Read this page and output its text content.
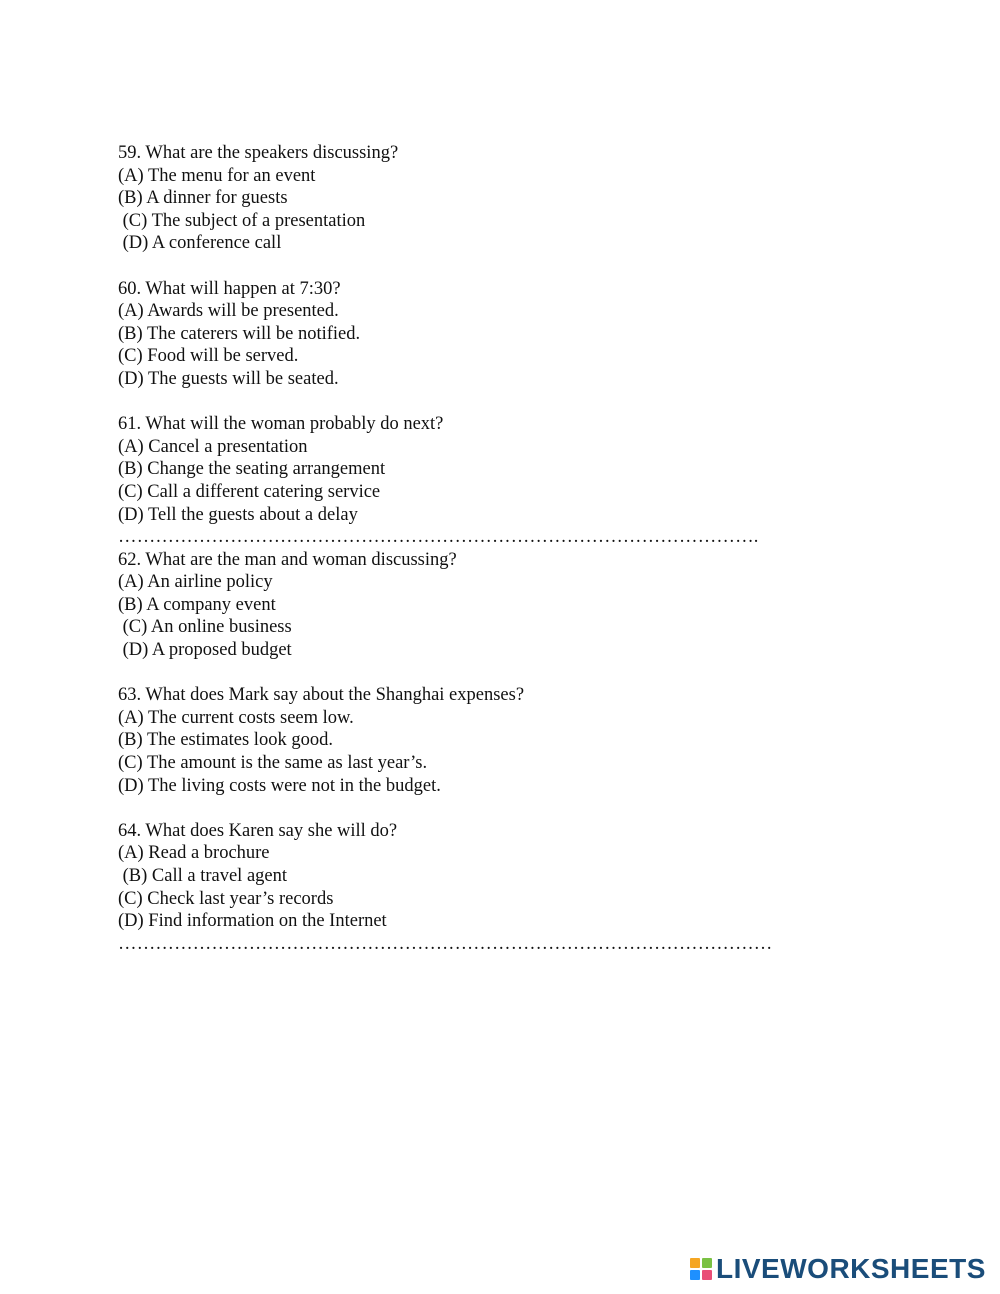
59. What are the speakers discussing?
(A) The menu for an event
(B) A dinner for guests
(C) The subject of a presentation
(D) A conference call
60. What will happen at 7:30?
(A) Awards will be presented.
(B) The caterers will be notified.
(C) Food will be served.
(D) The guests will be seated.
61. What will the woman probably do next?
(A) Cancel a presentation
(B) Change the seating arrangement
(C) Call a different catering service
(D) Tell the guests about a delay
………………………………………………………………………………………….
62. What are the man and woman discussing?
(A) An airline policy
(B) A company event
(C) An online business
(D) A proposed budget
63. What does Mark say about the Shanghai expenses?
(A) The current costs seem low.
(B) The estimates look good.
(C) The amount is the same as last year’s.
(D) The living costs were not in the budget.
64. What does Karen say she will do?
(A) Read a brochure
(B) Call a travel agent
(C) Check last year’s records
(D) Find information on the Internet
……………………………………………………………………………………………
LIVEWORKSHEETS
